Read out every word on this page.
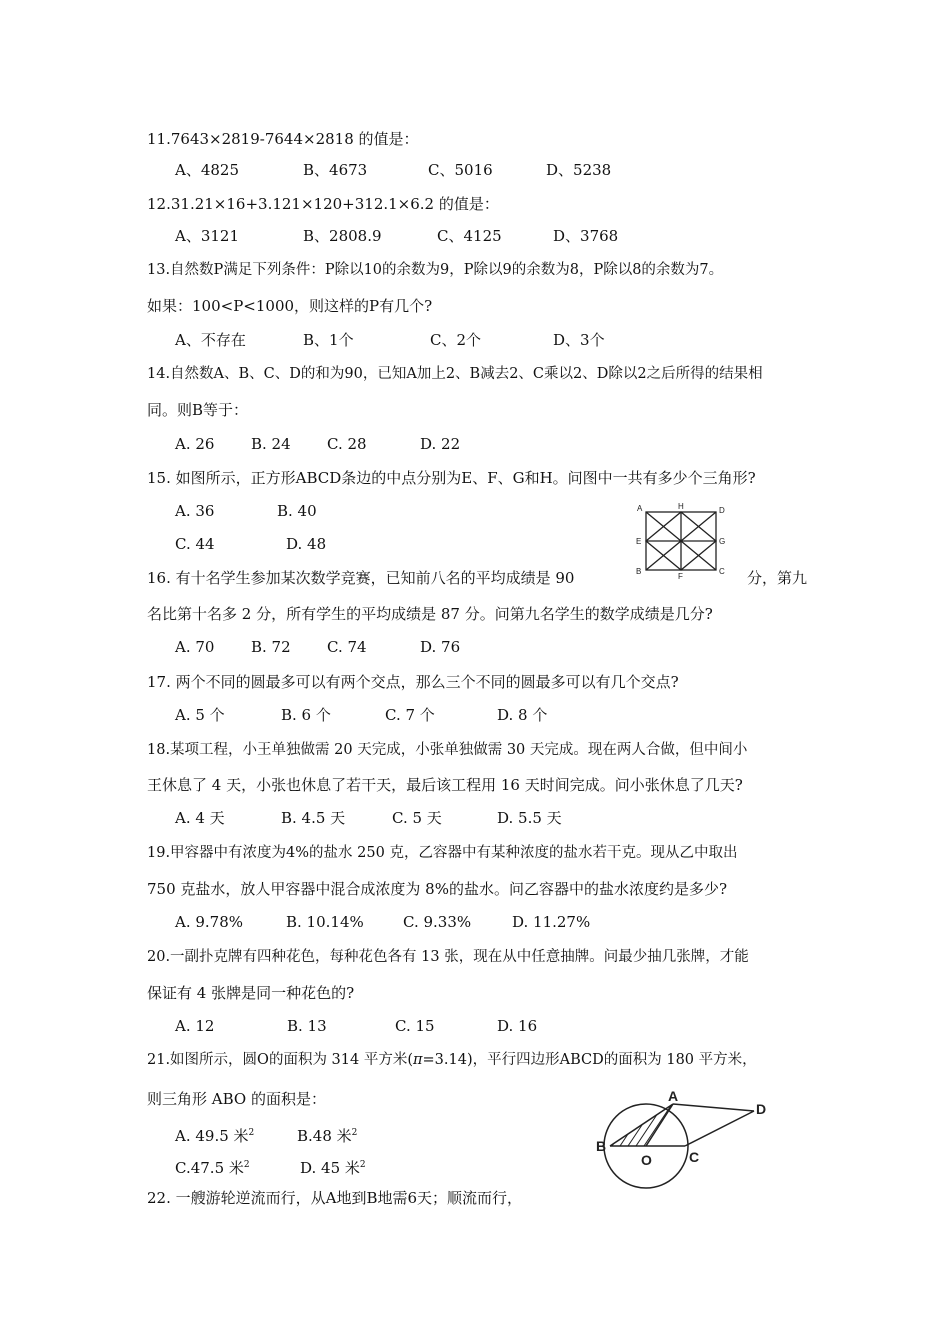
11.7643×2819-7644×2818 的值是：
A、4825	B、4673	C、5016	D、5238
12.31.21×16+3.121×120+312.1×6.2 的值是：
A、3121	B、2808.9	C、4125	D、3768
13.自然数P满足下列条件：P除以10的余数为9，P除以9的余数为8，P除以8的余数为7。
如果：100<P<1000，则这样的P有几个?
A、不存在	B、1个	C、2个	D、3个
14.自然数A、B、C、D的和为90，已知A加上2、B减去2、C乘以2、D除以2之后所得的结果相
同。则B等于：
A. 26 B. 24 C. 28	D. 22
15. 如图所示，正方形ABCD条边的中点分别为E、F、G和H。问图中一共有多少个三角形?
A. 36	B. 40
C. 44	D. 48
A	H	D
E	G
B
F
C
16. 有十名学生参加某次数学竞赛，已知前八名的平均成绩是 90	分，第九
名比第十名多 2 分，所有学生的平均成绩是 87 分。问第九名学生的数学成绩是几分?
A. 70 B. 72 C. 74	D. 76
17. 两个不同的圆最多可以有两个交点，那么三个不同的圆最多可以有几个交点?
A. 5 个	B. 6 个	C. 7 个	D. 8 个
18.某项工程，小王单独做需 20 天完成，小张单独做需 30 天完成。现在两人合做，但中间小
王休息了 4 天，小张也休息了若干天，最后该工程用 16 天时间完成。问小张休息了几天?
A. 4 天	B. 4.5 天	C. 5 天	D. 5.5 天
19.甲容器中有浓度为4%的盐水 250 克，乙容器中有某种浓度的盐水若干克。现从乙中取出
750 克盐水，放人甲容器中混合成浓度为 8%的盐水。问乙容器中的盐水浓度约是多少?
A. 9.78%	B. 10.14%	C. 9.33%	D. 11.27%
20.一副扑克牌有四种花色，每种花色各有 13 张，现在从中任意抽牌。问最少抽几张牌，才能
保证有 4 张牌是同一种花色的?
A. 12	B. 13	C. 15	D. 16
21.如图所示，圆O的面积为 314 平方米(π=3.14)，平行四边形ABCD的面积为 180 平方米，
则三角形 ABO 的面积是：
A. 49.5 米$^2$	B.48 米$^2$
C.47.5 米$^2$	D. 45 米$^2$
A
D
B
O	C
22. 一艘游轮逆流而行，从A地到B地需6天；顺流而行，
